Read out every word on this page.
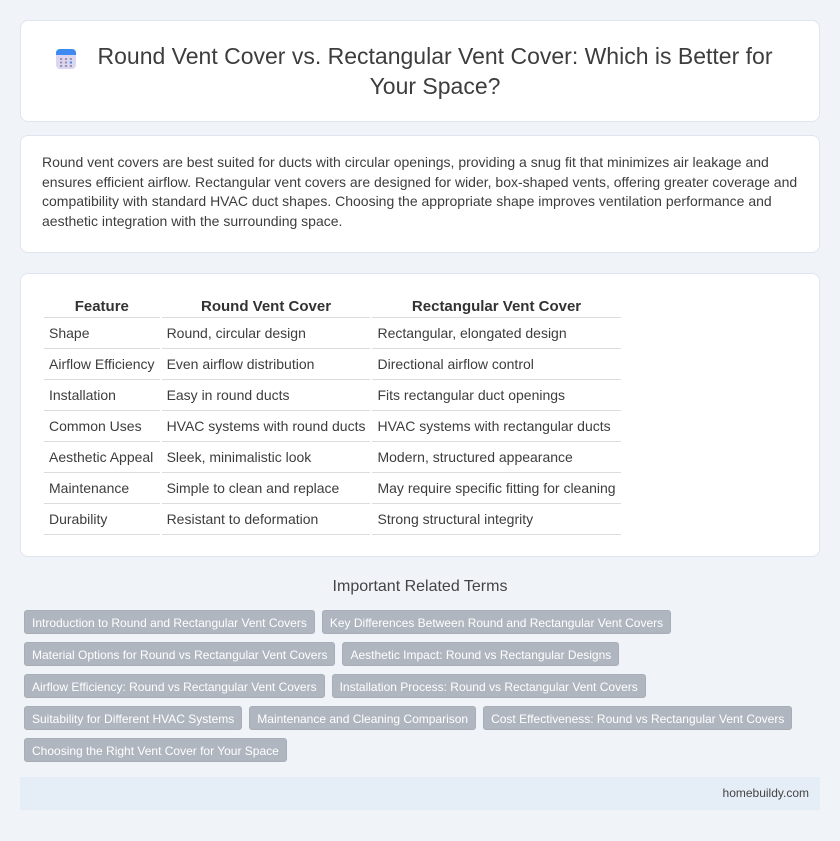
Round Vent Cover vs. Rectangular Vent Cover: Which is Better for Your Space?

Round vent covers are best suited for ducts with circular openings, providing a snug fit that minimizes air leakage and ensures efficient airflow. Rectangular vent covers are designed for wider, box-shaped vents, offering greater coverage and compatibility with standard HVAC duct shapes. Choosing the appropriate shape improves ventilation performance and aesthetic integration with the surrounding space.

Feature	Round Vent Cover	Rectangular Vent Cover
Shape	Round, circular design	Rectangular, elongated design
Airflow Efficiency	Even airflow distribution	Directional airflow control
Installation	Easy in round ducts	Fits rectangular duct openings
Common Uses	HVAC systems with round ducts	HVAC systems with rectangular ducts
Aesthetic Appeal	Sleek, minimalistic look	Modern, structured appearance
Maintenance	Simple to clean and replace	May require specific fitting for cleaning
Durability	Resistant to deformation	Strong structural integrity
Important Related Terms
Introduction to Round and Rectangular Vent Covers	Key Differences Between Round and Rectangular Vent Covers
Material Options for Round vs Rectangular Vent Covers	Aesthetic Impact: Round vs Rectangular Designs
Airflow Efficiency: Round vs Rectangular Vent Covers	Installation Process: Round vs Rectangular Vent Covers
Suitability for Different HVAC Systems	Maintenance and Cleaning Comparison	Cost Effectiveness: Round vs Rectangular Vent Covers
Choosing the Right Vent Cover for Your Space
homebuildy.com
